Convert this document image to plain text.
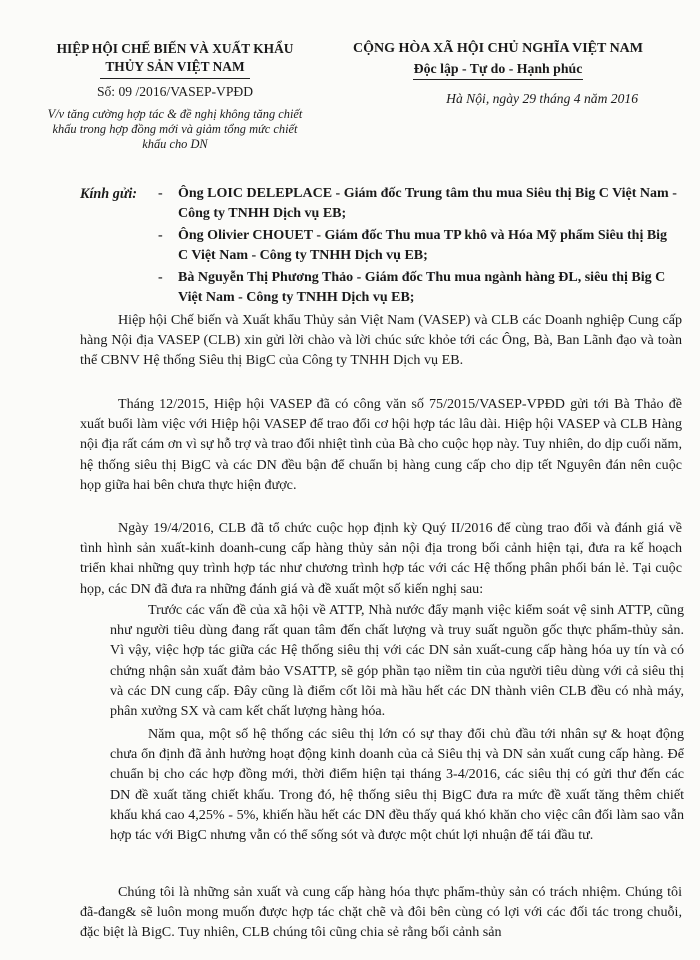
HIỆP HỘI CHẾ BIẾN VÀ XUẤT KHẨU
THỦY SẢN VIỆT NAM
Số: 09 /2016/VASEP-VPĐD
V/v tăng cường hợp tác & đề nghị không tăng chiết khấu trong hợp đồng mới và giảm tổng mức chiết khấu cho DN
CỘNG HÒA XÃ HỘI CHỦ NGHĨA VIỆT NAM
Độc lập - Tự do - Hạnh phúc
Hà Nội, ngày 29 tháng 4 năm 2016
Kính gửi: - Ông LOIC DELEPLACE - Giám đốc Trung tâm thu mua Siêu thị Big C Việt Nam - Công ty TNHH Dịch vụ EB;
- Ông Olivier CHOUET - Giám đốc Thu mua TP khô và Hóa Mỹ phẩm Siêu thị Big C Việt Nam - Công ty TNHH Dịch vụ EB;
- Bà Nguyễn Thị Phương Thảo - Giám đốc Thu mua ngành hàng ĐL, siêu thị Big C Việt Nam - Công ty TNHH Dịch vụ EB;

Hiệp hội Chế biến và Xuất khẩu Thủy sản Việt Nam (VASEP) và CLB các Doanh nghiệp Cung cấp hàng Nội địa VASEP (CLB) xin gửi lời chào và lời chúc sức khỏe tới các Ông, Bà, Ban Lãnh đạo và toàn thể CBNV Hệ thống Siêu thị BigC của Công ty TNHH Dịch vụ EB.

Tháng 12/2015, Hiệp hội VASEP đã có công văn số 75/2015/VASEP-VPĐD gửi tới Bà Thảo đề xuất buổi làm việc với Hiệp hội VASEP để trao đổi cơ hội hợp tác lâu dài. Hiệp hội VASEP và CLB Hàng nội địa rất cám ơn vì sự hỗ trợ và trao đổi nhiệt tình của Bà cho cuộc họp này. Tuy nhiên, do dịp cuối năm, hệ thống siêu thị BigC và các DN đều bận để chuẩn bị hàng cung cấp cho dịp tết Nguyên đán nên cuộc họp giữa hai bên chưa thực hiện được.

Ngày 19/4/2016, CLB đã tổ chức cuộc họp định kỳ Quý II/2016 để cùng trao đổi và đánh giá về tình hình sản xuất-kinh doanh-cung cấp hàng thủy sản nội địa trong bối cảnh hiện tại, đưa ra kế hoạch triển khai những quy trình hợp tác như chương trình hợp tác với các Hệ thống phân phối bán lẻ. Tại cuộc họp, các DN đã đưa ra những đánh giá và đề xuất một số kiến nghị sau:

Trước các vấn đề của xã hội về ATTP, Nhà nước đẩy mạnh việc kiểm soát vệ sinh ATTP, cũng như người tiêu dùng đang rất quan tâm đến chất lượng và truy suất nguồn gốc thực phẩm-thủy sản. Vì vậy, việc hợp tác giữa các Hệ thống siêu thị với các DN sản xuất-cung cấp hàng hóa uy tín và có chứng nhận sản xuất đảm bảo VSATTP, sẽ góp phần tạo niềm tin của người tiêu dùng với cả siêu thị và các DN cung cấp. Đây cũng là điểm cốt lõi mà hầu hết các DN thành viên CLB đều có nhà máy, phân xưởng SX và cam kết chất lượng hàng hóa.

Năm qua, một số hệ thống các siêu thị lớn có sự thay đổi chủ đầu tới nhân sự & hoạt động chưa ổn định đã ảnh hưởng hoạt động kinh doanh của cả Siêu thị và DN sản xuất cung cấp hàng. Để chuẩn bị cho các hợp đồng mới, thời điểm hiện tại tháng 3-4/2016, các siêu thị có gửi thư đến các DN đề xuất tăng chiết khấu. Trong đó, hệ thống siêu thị BigC đưa ra mức đề xuất tăng thêm chiết khấu khá cao 4,25% - 5%, khiến hầu hết các DN đều thấy quá khó khăn cho việc cân đối làm sao vẫn hợp tác với BigC nhưng vẫn có thể sống sót và được một chút lợi nhuận để tái đầu tư.

Chúng tôi là những sản xuất và cung cấp hàng hóa thực phẩm-thủy sản có trách nhiệm. Chúng tôi đã-đang& sẽ luôn mong muốn được hợp tác chặt chẽ và đôi bên cùng có lợi với các đối tác trong chuỗi, đặc biệt là BigC. Tuy nhiên, CLB chúng tôi cũng chia sẻ rằng bối cảnh sản
